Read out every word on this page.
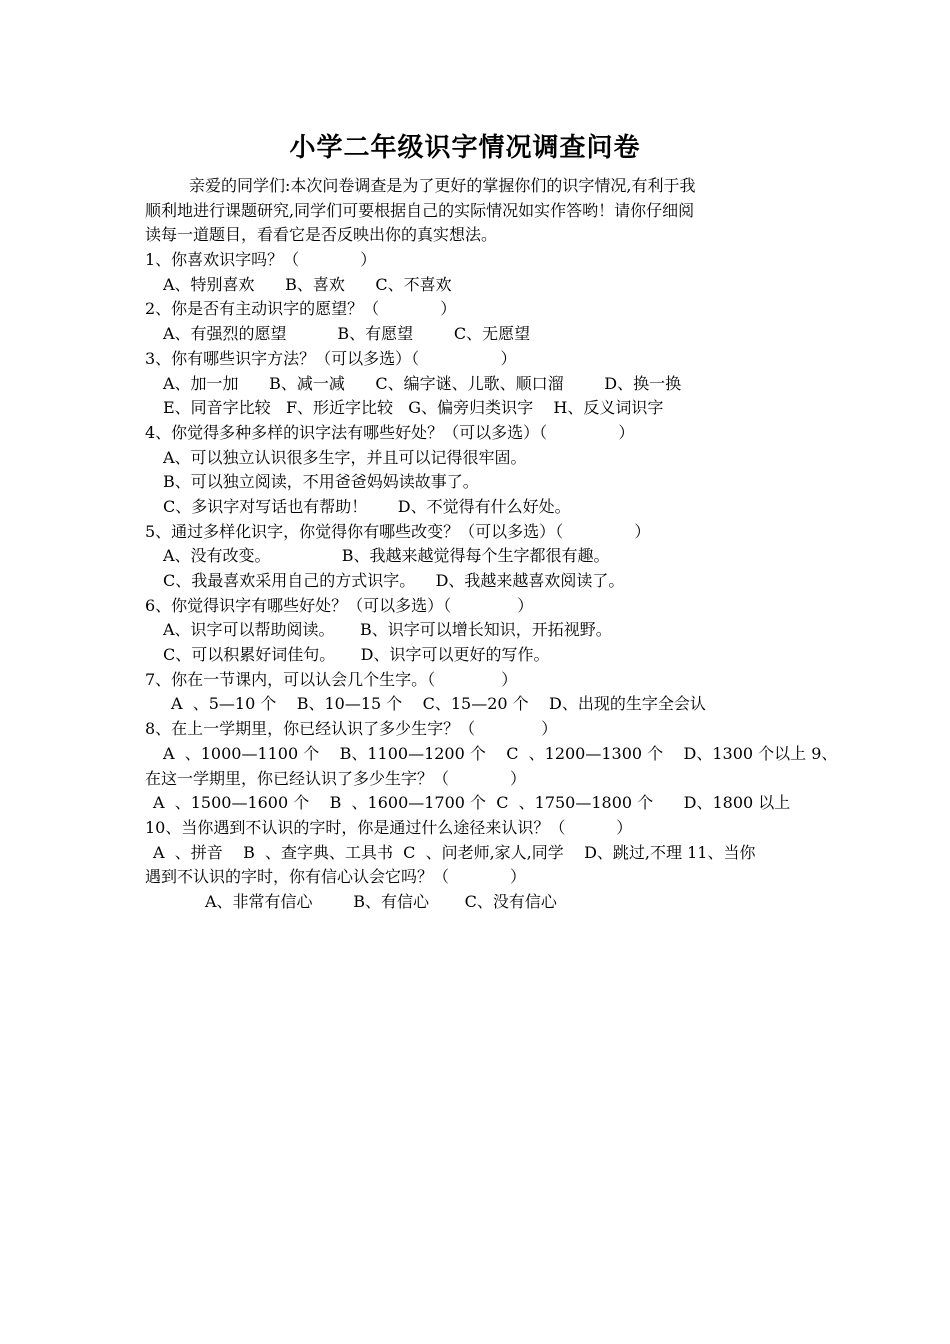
小学二年级识字情况调查问卷
亲爱的同学们:本次问卷调查是为了更好的掌握你们的识字情况,有利于我
顺利地进行课题研究,同学们可要根据自己的实际情况如实作答哟！请你仔细阅
读每一道题目，看看它是否反映出你的真实想法。
1、你喜欢识字吗？（            ）
A、特别喜欢      B、喜欢      C、不喜欢
2、你是否有主动识字的愿望？（            ）
A、有强烈的愿望          B、有愿望        C、无愿望
3、你有哪些识字方法？（可以多选）（                ）
A、加一加      B、减一减      C、编字谜、儿歌、顺口溜        D、换一换
E、同音字比较   F、形近字比较   G、偏旁归类识字    H、反义词识字
4、你觉得多种多样的识字法有哪些好处？（可以多选）（              ）
A、可以独立认识很多生字，并且可以记得很牢固。
B、可以独立阅读，不用爸爸妈妈读故事了。
C、多识字对写话也有帮助！      D、不觉得有什么好处。
5、通过多样化识字，你觉得你有哪些改变？（可以多选）（              ）
A、没有改变。              B、我越来越觉得每个生字都很有趣。
C、我最喜欢采用自己的方式识字。    D、我越来越喜欢阅读了。
6、你觉得识字有哪些好处？（可以多选）（             ）
A、识字可以帮助阅读。     B、识字可以增长知识，开拓视野。
C、可以积累好词佳句。     D、识字可以更好的写作。
7、你在一节课内，可以认会几个生字。（             ）
A  、5—10 个    B、10—15 个    C、15—20 个    D、出现的生字全会认
8、在上一学期里，你已经认识了多少生字？（             ）
A  、1000—1100 个    B、1100—1200 个    C  、1200—1300 个    D、1300 个以上 9、
在这一学期里，你已经认识了多少生字？（            ）
A  、1500—1600 个    B  、1600—1700 个  C  、1750—1800 个      D、1800 以上
10、当你遇到不认识的字时，你是通过什么途径来认识？（          ）
A  、拼音    B  、查字典、工具书  C  、问老师,家人,同学    D、跳过,不理 11、当你
遇到不认识的字时，你有信心认会它吗？（            ）
A、非常有信心        B、有信心       C、没有信心
